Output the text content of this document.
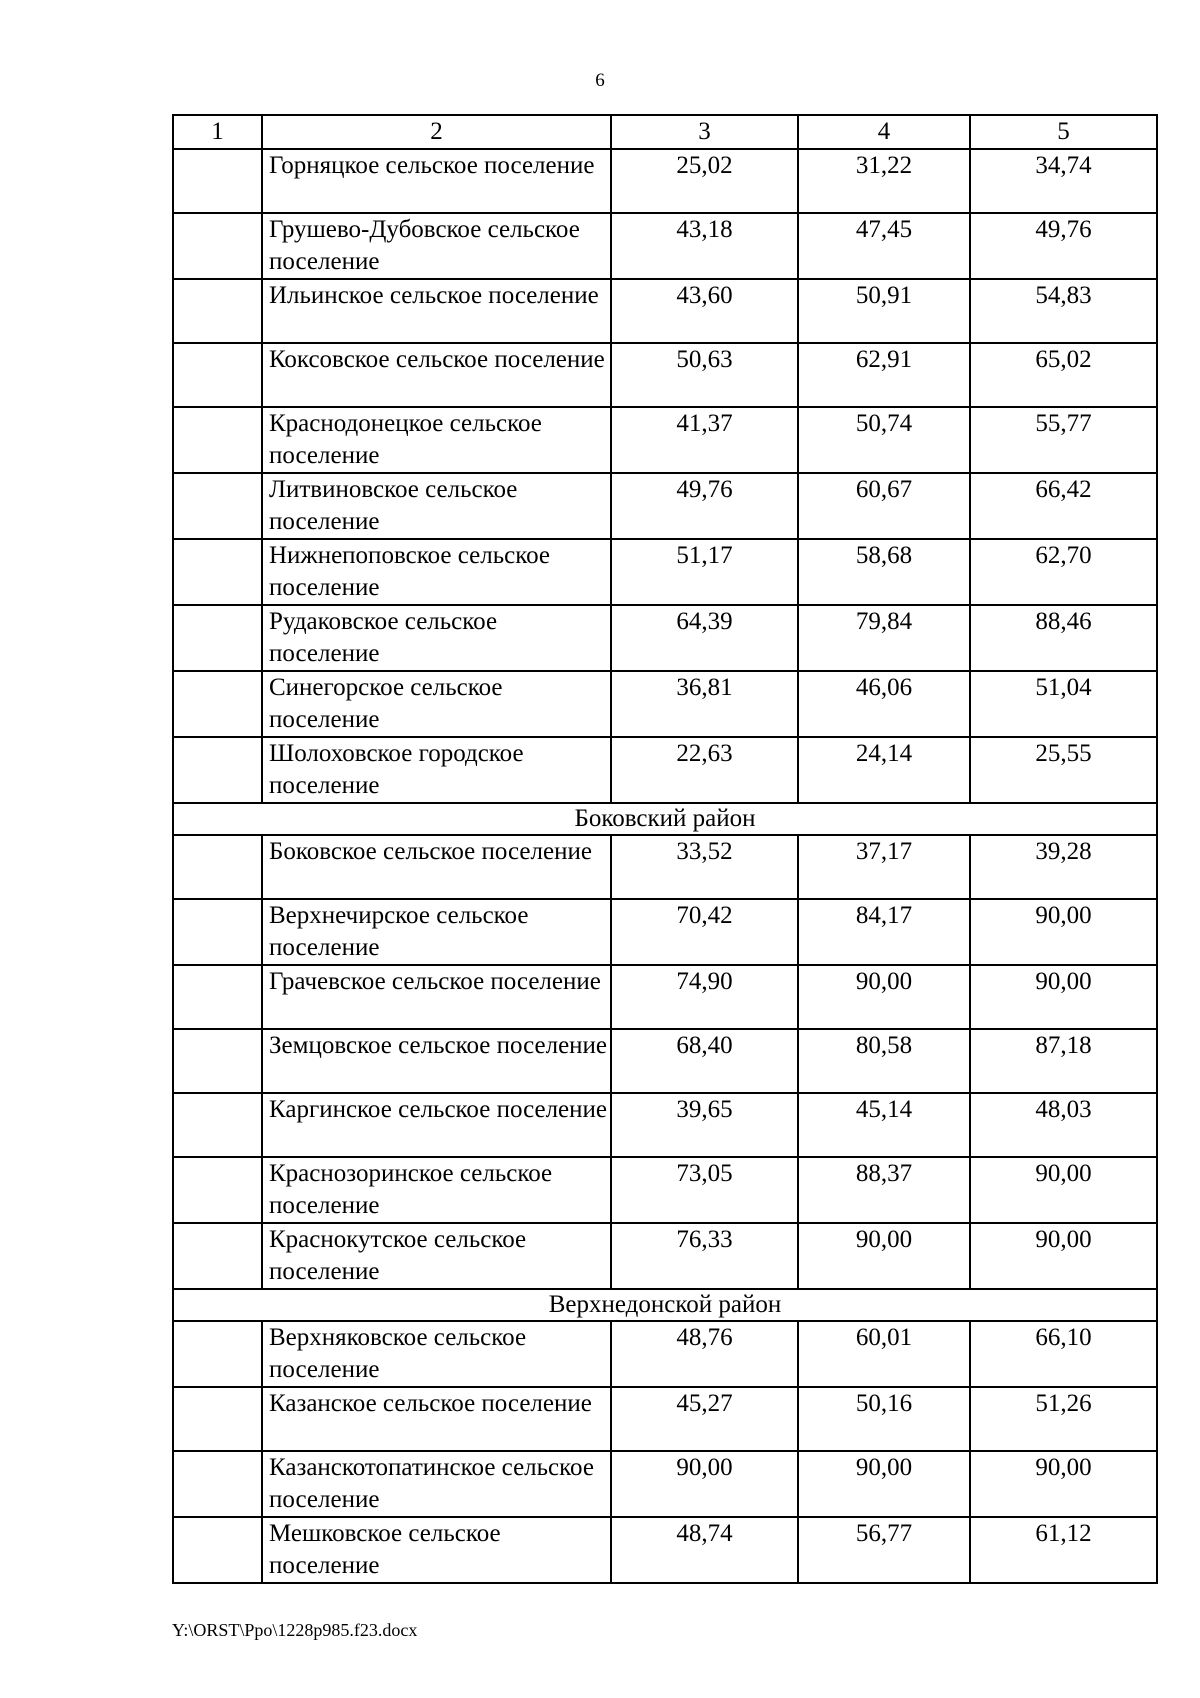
6
1	2	3	4	5
	Горняцкое сельское поселение	25,02	31,22	34,74
	Грушево-Дубовское сельское поселение	43,18	47,45	49,76
	Ильинское сельское поселение	43,60	50,91	54,83
	Коксовское сельское поселение	50,63	62,91	65,02
	Краснодонецкое сельское поселение	41,37	50,74	55,77
	Литвиновское сельское поселение	49,76	60,67	66,42
	Нижнепоповское сельское поселение	51,17	58,68	62,70
	Рудаковское сельское поселение	64,39	79,84	88,46
	Синегорское сельское поселение	36,81	46,06	51,04
	Шолоховское городское поселение	22,63	24,14	25,55
Боковский район				
	Боковское сельское поселение	33,52	37,17	39,28
	Верхнечирское сельское поселение	70,42	84,17	90,00
	Грачевское сельское поселение	74,90	90,00	90,00
	Земцовское сельское поселение	68,40	80,58	87,18
	Каргинское сельское поселение	39,65	45,14	48,03
	Краснозоринское сельское поселение	73,05	88,37	90,00
	Краснокутское сельское поселение	76,33	90,00	90,00
Верхнедонской район				
	Верхняковское сельское поселение	48,76	60,01	66,10
	Казанское сельское поселение	45,27	50,16	51,26
	Казанскотопатинское сельское поселение	90,00	90,00	90,00
	Мешковское сельское поселение	48,74	56,77	61,12
Y:\ORST\Ppo\1228p985.f23.docx
